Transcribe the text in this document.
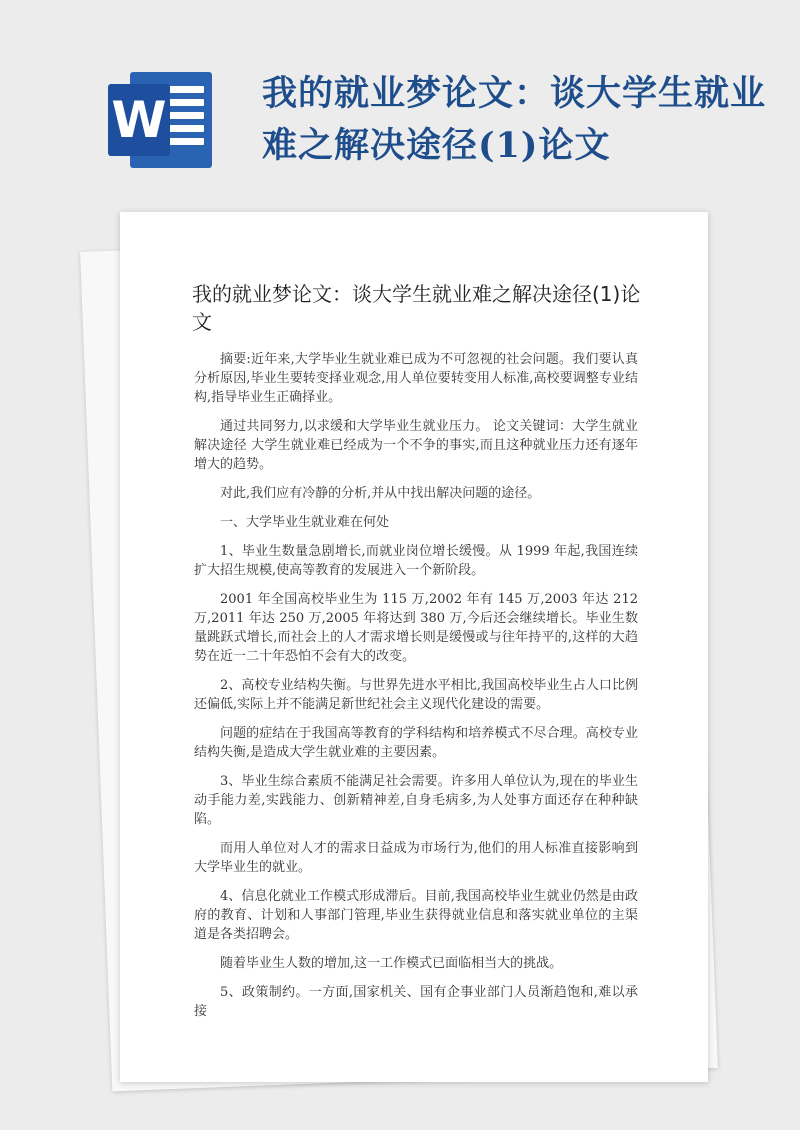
W	我的就业梦论文：谈大学生就业难之解决途径(1)论文
我的就业梦论文：谈大学生就业难之解决途径(1)论文

摘要:近年来,大学毕业生就业难已成为不可忽视的社会问题。我们要认真分析原因,毕业生要转变择业观念,用人单位要转变用人标准,高校要调整专业结构,指导毕业生正确择业。

通过共同努力,以求缓和大学毕业生就业压力。 论文关键词：大学生就业 解决途径 大学生就业难已经成为一个不争的事实,而且这种就业压力还有逐年增大的趋势。

对此,我们应有冷静的分析,并从中找出解决问题的途径。

一、大学毕业生就业难在何处

1、毕业生数量急剧增长,而就业岗位增长缓慢。从 1999 年起,我国连续扩大招生规模,使高等教育的发展进入一个新阶段。

2001 年全国高校毕业生为 115 万,2002 年有 145 万,2003 年达 212 万,2011 年达 250 万,2005 年将达到 380 万,今后还会继续增长。毕业生数量跳跃式增长,而社会上的人才需求增长则是缓慢或与往年持平的,这样的大趋势在近一二十年恐怕不会有大的改变。

2、高校专业结构失衡。与世界先进水平相比,我国高校毕业生占人口比例还偏低,实际上并不能满足新世纪社会主义现代化建设的需要。

问题的症结在于我国高等教育的学科结构和培养模式不尽合理。高校专业结构失衡,是造成大学生就业难的主要因素。

3、毕业生综合素质不能满足社会需要。许多用人单位认为,现在的毕业生动手能力差,实践能力、创新精神差,自身毛病多,为人处事方面还存在种种缺陷。

而用人单位对人才的需求日益成为市场行为,他们的用人标准直接影响到大学毕业生的就业。

4、信息化就业工作模式形成滞后。目前,我国高校毕业生就业仍然是由政府的教育、计划和人事部门管理,毕业生获得就业信息和落实就业单位的主渠道是各类招聘会。

随着毕业生人数的增加,这一工作模式已面临相当大的挑战。

5、政策制约。一方面,国家机关、国有企事业部门人员渐趋饱和,难以承接
